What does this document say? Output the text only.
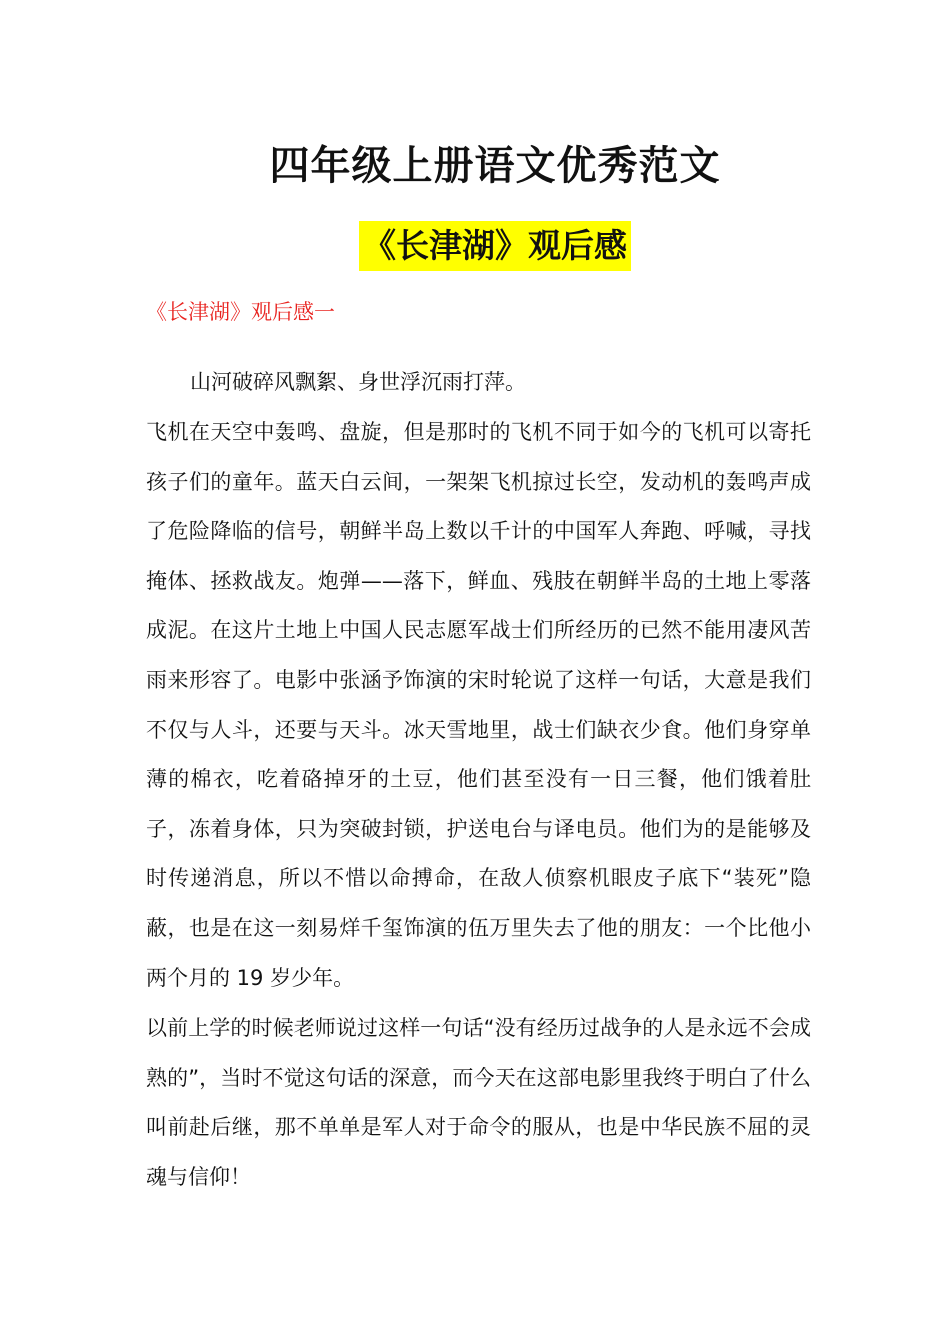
四年级上册语文优秀范文
《长津湖》观后感
《长津湖》观后感一
山河破碎风飘絮、身世浮沉雨打萍。
飞机在天空中轰鸣、盘旋，但是那时的飞机不同于如今的飞机可以寄托孩子们的童年。蓝天白云间，一架架飞机掠过长空，发动机的轰鸣声成了危险降临的信号，朝鲜半岛上数以千计的中国军人奔跑、呼喊，寻找掩体、拯救战友。炮弹——落下，鲜血、残肢在朝鲜半岛的土地上零落成泥。在这片土地上中国人民志愿军战士们所经历的已然不能用凄风苦雨来形容了。电影中张涵予饰演的宋时轮说了这样一句话，大意是我们不仅与人斗，还要与天斗。冰天雪地里，战士们缺衣少食。他们身穿单薄的棉衣，吃着硌掉牙的土豆，他们甚至没有一日三餐，他们饿着肚子，冻着身体，只为突破封锁，护送电台与译电员。他们为的是能够及时传递消息，所以不惜以命搏命，在敌人侦察机眼皮子底下“装死”隐蔽，也是在这一刻易烊千玺饰演的伍万里失去了他的朋友：一个比他小两个月的 19 岁少年。
以前上学的时候老师说过这样一句话“没有经历过战争的人是永远不会成熟的”，当时不觉这句话的深意，而今天在这部电影里我终于明白了什么叫前赴后继，那不单单是军人对于命令的服从，也是中华民族不屈的灵魂与信仰！
